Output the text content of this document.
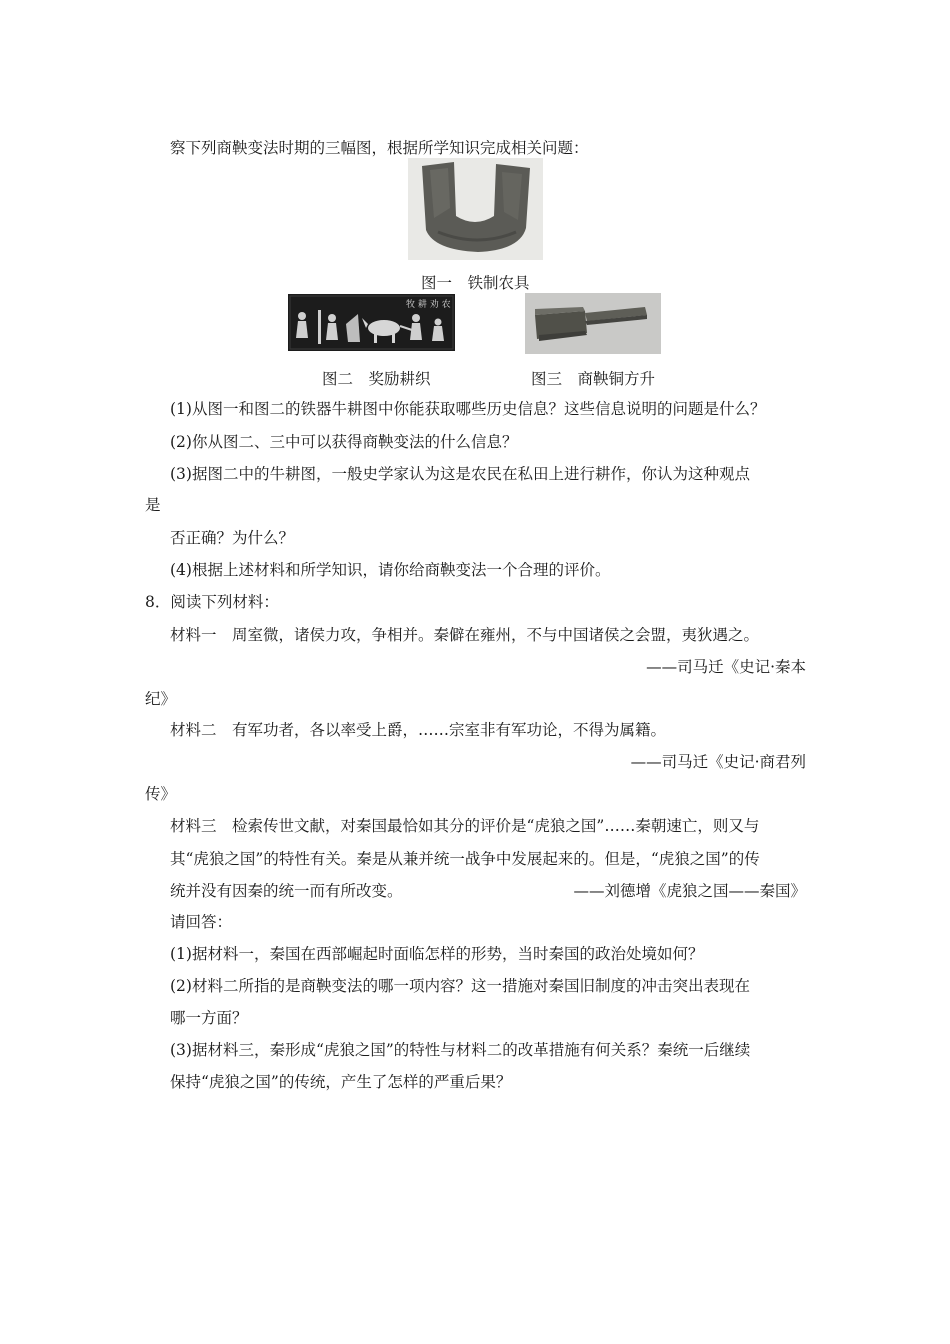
察下列商鞅变法时期的三幅图，根据所学知识完成相关问题：
图一　铁制农具
牧 耕 劝 农
图二　奖励耕织	图三　商鞅铜方升
(1)从图一和图二的铁器牛耕图中你能获取哪些历史信息？这些信息说明的问题是什么？
(2)你从图二、三中可以获得商鞅变法的什么信息？
(3)据图二中的牛耕图，一般史学家认为这是农民在私田上进行耕作，你认为这种观点
是
否正确？为什么？
(4)根据上述材料和所学知识，请你给商鞅变法一个合理的评价。
8．阅读下列材料：
材料一　周室微，诸侯力攻，争相并。秦僻在雍州，不与中国诸侯之会盟，夷狄遇之。
——司马迁《史记·秦本
纪》
材料二　有军功者，各以率受上爵，……宗室非有军功论，不得为属籍。
——司马迁《史记·商君列
传》
材料三　检索传世文献，对秦国最恰如其分的评价是“虎狼之国”……秦朝速亡，则又与
其“虎狼之国”的特性有关。秦是从兼并统一战争中发展起来的。但是，“虎狼之国”的传
统并没有因秦的统一而有所改变。	——刘德增《虎狼之国——秦国》
请回答：
(1)据材料一，秦国在西部崛起时面临怎样的形势，当时秦国的政治处境如何？
(2)材料二所指的是商鞅变法的哪一项内容？这一措施对秦国旧制度的冲击突出表现在
哪一方面？
(3)据材料三，秦形成“虎狼之国”的特性与材料二的改革措施有何关系？秦统一后继续
保持“虎狼之国”的传统，产生了怎样的严重后果？
